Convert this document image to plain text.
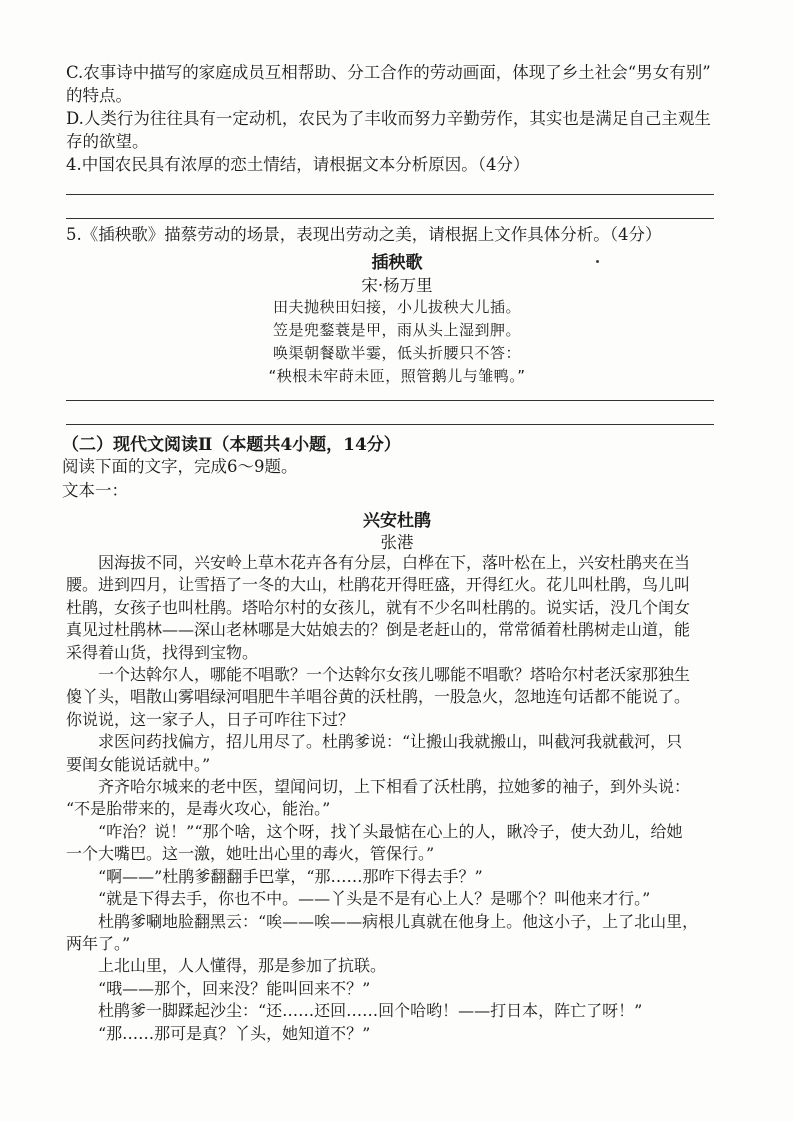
C.农事诗中描写的家庭成员互相帮助、分工合作的劳动画面，体现了乡土社会“男女有别”
的特点。
D.人类行为往往具有一定动机，农民为了丰收而努力辛勤劳作，其实也是满足自己主观生
存的欲望。
4.中国农民具有浓厚的恋土情结，请根据文本分析原因。（4分）
5.《插秧歌》描蔡劳动的场景，表现出劳动之美，请根据上文作具体分析。（4分）
插秧歌
宋·杨万里
田夫抛秧田妇接，小儿拔秧大儿插。
笠是兜鍪蓑是甲，雨从头上湿到胛。
唤渠朝餐歇半霎，低头折腰只不答：
“秧根未牢莳未匝，照管鹅儿与雏鸭。”
（二）现代文阅读Ⅱ（本题共4小题，14分）
阅读下面的文字，完成6～9题。
文本一：
兴安杜鹃
张港
　　因海拔不同，兴安岭上草木花卉各有分层，白桦在下，落叶松在上，兴安杜鹃夹在当
腰。进到四月，让雪捂了一冬的大山，杜鹃花开得旺盛，开得红火。花儿叫杜鹃，鸟儿叫
杜鹃，女孩子也叫杜鹃。塔哈尔村的女孩儿，就有不少名叫杜鹃的。说实话，没几个闺女
真见过杜鹃林——深山老林哪是大姑娘去的？倒是老赶山的，常常循着杜鹃树走山道，能
采得着山货，找得到宝物。
　　一个达斡尔人，哪能不唱歌？一个达斡尔女孩儿哪能不唱歌？塔哈尔村老沃家那独生
傻丫头，唱散山雾唱绿河唱肥牛羊唱谷黄的沃杜鹃，一股急火，忽地连句话都不能说了。
你说说，这一家子人，日子可咋往下过？
　　求医问药找偏方，招儿用尽了。杜鹃爹说：“让搬山我就搬山，叫截河我就截河，只
要闺女能说话就中。”
　　齐齐哈尔城来的老中医，望闻问切，上下相看了沃杜鹃，拉她爹的袖子，到外头说：
“不是胎带来的，是毒火攻心，能治。”
　　“咋治？说！”“那个啥，这个呀，找丫头最惦在心上的人，瞅冷子，使大劲儿，给她
一个大嘴巴。这一激，她吐出心里的毒火，管保行。”
　　“啊——”杜鹃爹翻翻手巴掌，“那……那咋下得去手？”
　　“就是下得去手，你也不中。——丫头是不是有心上人？是哪个？叫他来才行。”
　　杜鹃爹唰地脸翻黑云：“唉——唉——病根儿真就在他身上。他这小子，上了北山里，
两年了。”
　　上北山里，人人懂得，那是参加了抗联。
　　“哦——那个，回来没？能叫回来不？”
　　杜鹃爹一脚蹂起沙尘：“还……还回……回个哈哟！——打日本，阵亡了呀！”
　　“那……那可是真？丫头，她知道不？”
